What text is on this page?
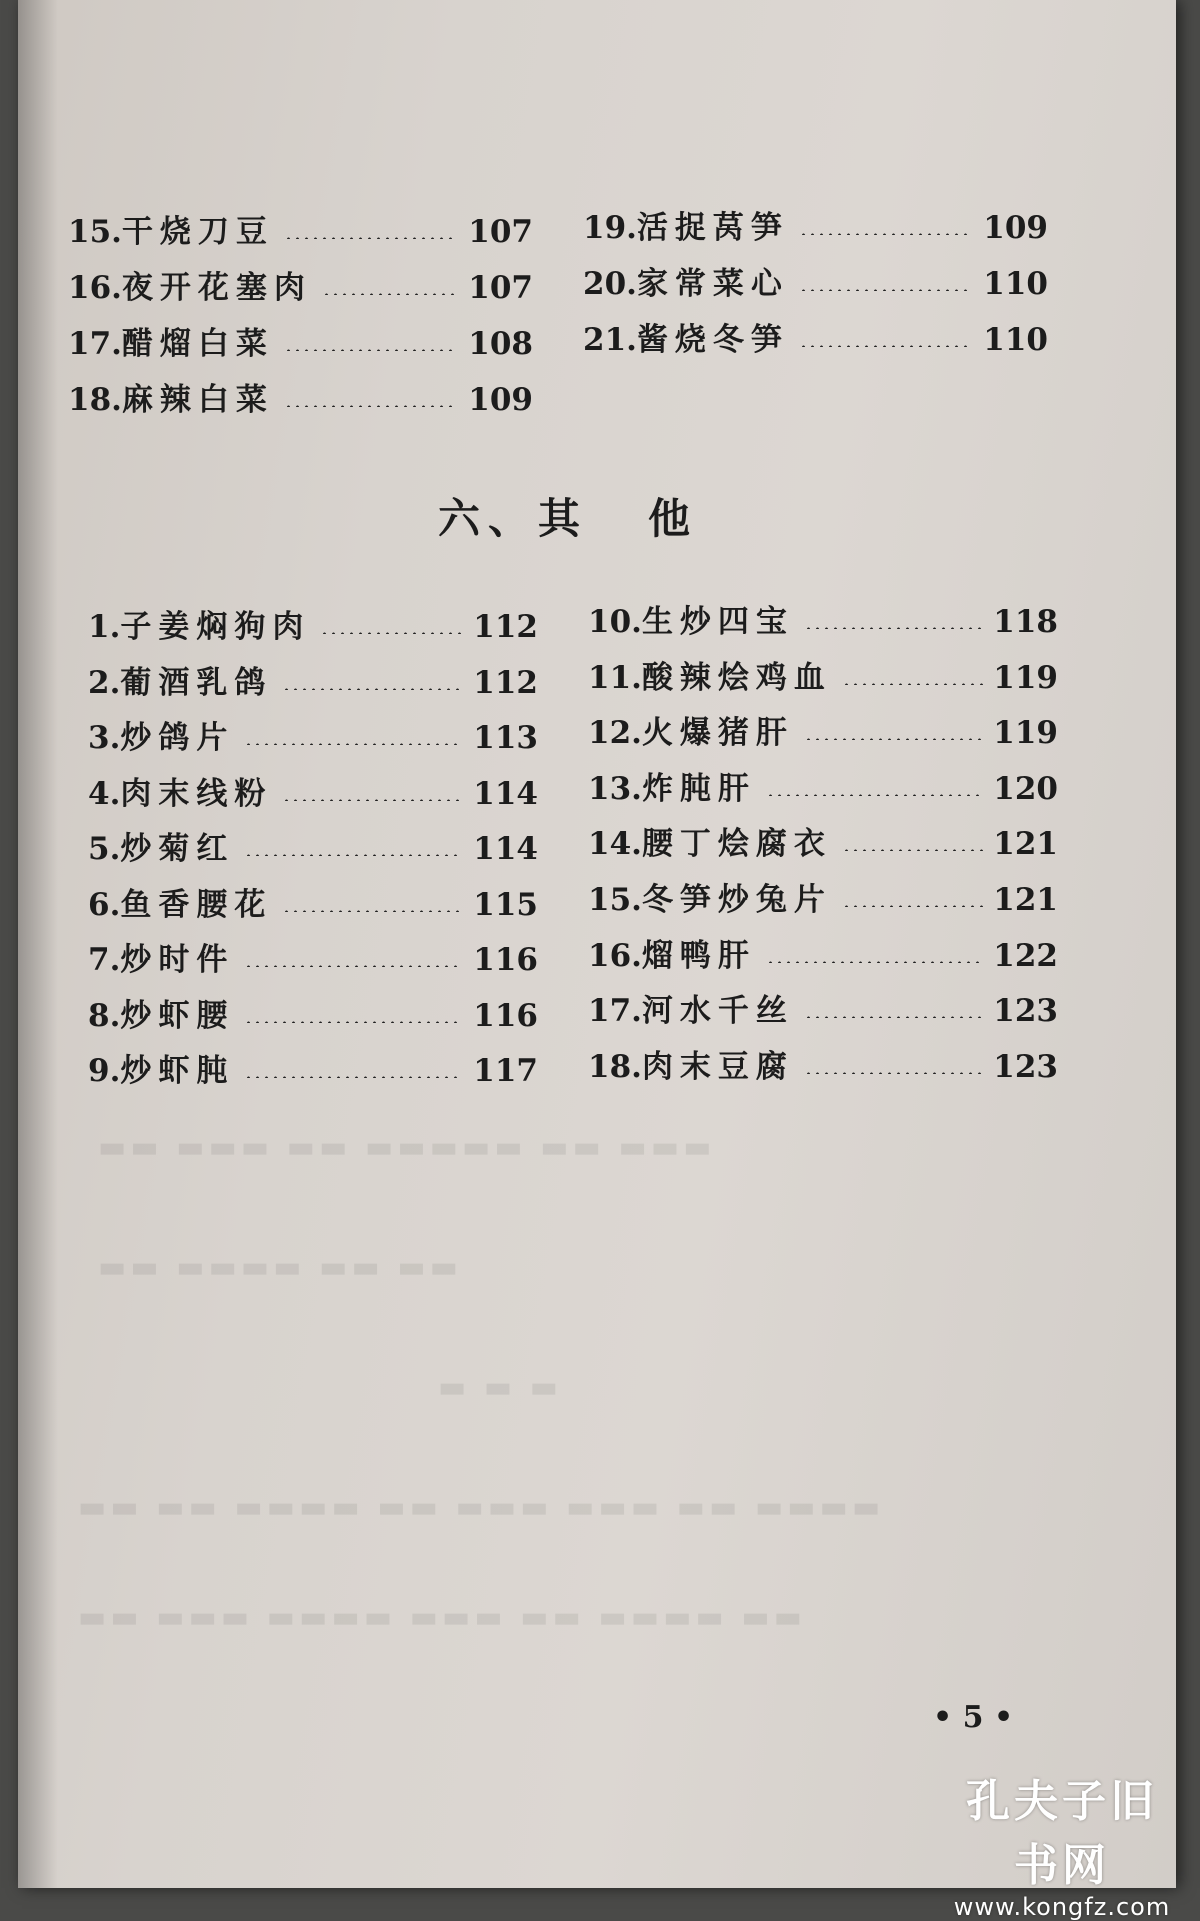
▬▬ ▬▬▬ ▬▬ ▬▬▬▬▬ ▬▬ ▬▬▬
▬▬ ▬▬▬▬ ▬▬ ▬▬
▬ ▬ ▬
▬▬ ▬▬ ▬▬▬▬ ▬▬ ▬▬▬ ▬▬▬ ▬▬ ▬▬▬▬
▬▬ ▬▬▬ ▬▬▬▬ ▬▬▬ ▬▬ ▬▬▬▬ ▬▬
15. 干烧刀豆	107
16. 夜开花塞肉	107
17. 醋熘白菜	108
18. 麻辣白菜	109
19. 活捉莴笋	109
20. 家常菜心	110
21. 酱烧冬笋	110
六、其 他
1. 子姜焖狗肉	112
2. 葡酒乳鸽	112
3. 炒鸽片	113
4. 肉末线粉	114
5. 炒菊红	114
6. 鱼香腰花	115
7. 炒时件	116
8. 炒虾腰	116
9. 炒虾肫	117
10. 生炒四宝	118
11. 酸辣烩鸡血	119
12. 火爆猪肝	119
13. 炸肫肝	120
14. 腰丁烩腐衣	121
15. 冬笋炒兔片	121
16. 熘鸭肝	122
17. 河水千丝	123
18. 肉末豆腐	123
• 5 •
孔夫子旧书网
www.kongfz.com
